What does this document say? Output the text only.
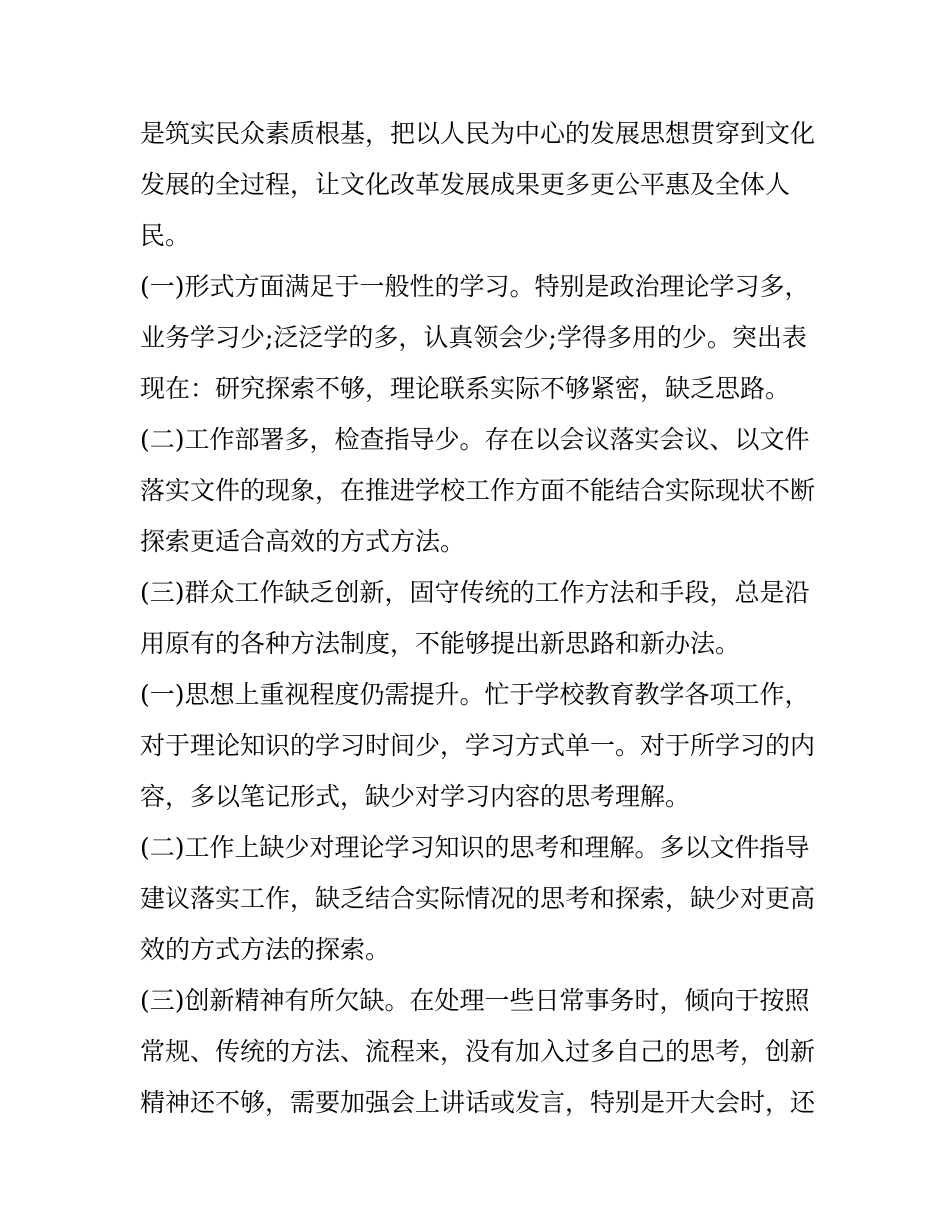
是筑实民众素质根基，把以人民为中心的发展思想贯穿到文化
发展的全过程，让文化改革发展成果更多更公平惠及全体人
民。
(一)形式方面满足于一般性的学习。特别是政治理论学习多，
业务学习少;泛泛学的多，认真领会少;学得多用的少。突出表
现在：研究探索不够，理论联系实际不够紧密，缺乏思路。
(二)工作部署多，检查指导少。存在以会议落实会议、以文件
落实文件的现象，在推进学校工作方面不能结合实际现状不断
探索更适合高效的方式方法。
(三)群众工作缺乏创新，固守传统的工作方法和手段，总是沿
用原有的各种方法制度，不能够提出新思路和新办法。
(一)思想上重视程度仍需提升。忙于学校教育教学各项工作，
对于理论知识的学习时间少，学习方式单一。对于所学习的内
容，多以笔记形式，缺少对学习内容的思考理解。
(二)工作上缺少对理论学习知识的思考和理解。多以文件指导
建议落实工作，缺乏结合实际情况的思考和探索，缺少对更高
效的方式方法的探索。
(三)创新精神有所欠缺。在处理一些日常事务时，倾向于按照
常规、传统的方法、流程来，没有加入过多自己的思考，创新
精神还不够，需要加强会上讲话或发言，特别是开大会时，还
